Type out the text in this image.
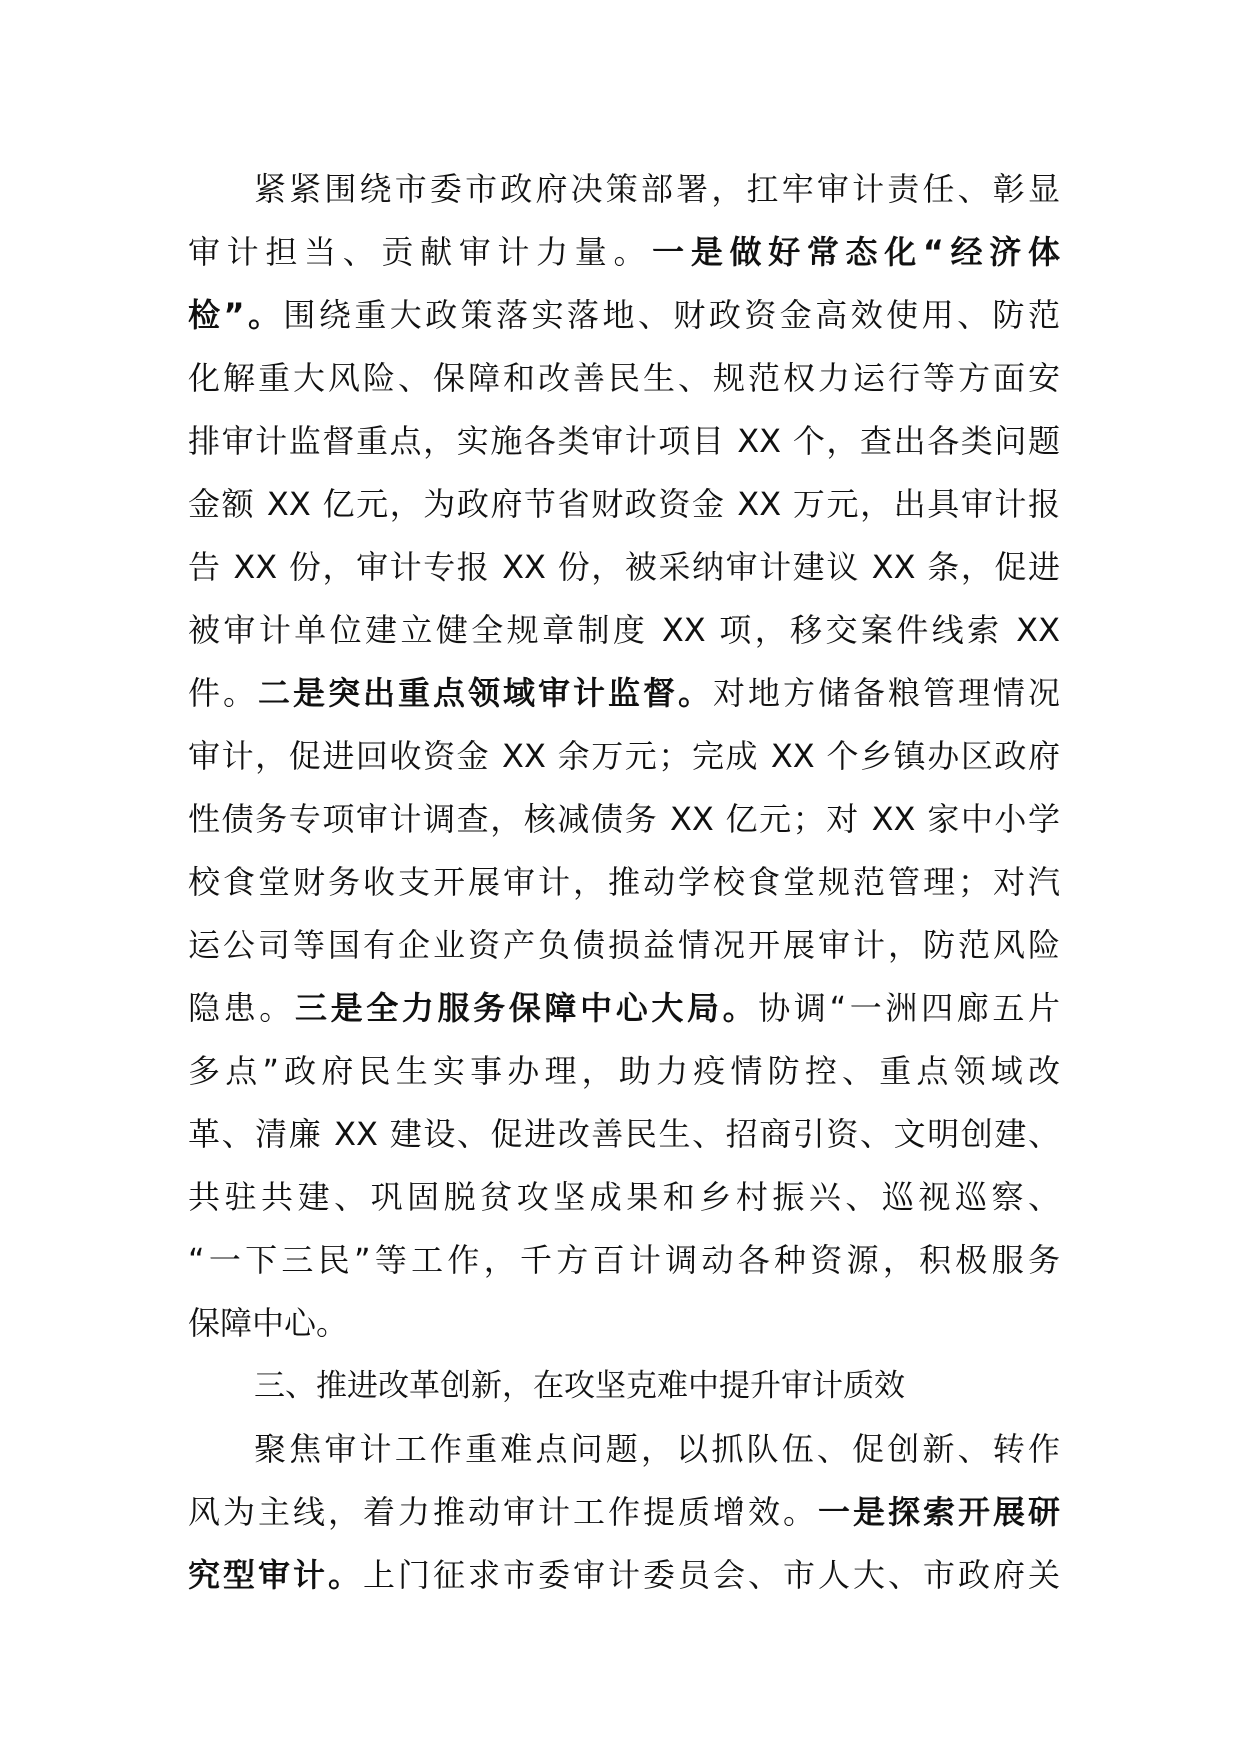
紧紧围绕市委市政府决策部署，扛牢审计责任、彰显
审计担当、贡献审计力量。一是做好常态化“经济体
检”。围绕重大政策落实落地、财政资金高效使用、防范
化解重大风险、保障和改善民生、规范权力运行等方面安
排审计监督重点，实施各类审计项目 XX 个，查出各类问题
金额 XX 亿元，为政府节省财政资金 XX 万元，出具审计报
告 XX 份，审计专报 XX 份，被采纳审计建议 XX 条，促进
被审计单位建立健全规章制度 XX 项，移交案件线索 XX
件。二是突出重点领域审计监督。对地方储备粮管理情况
审计，促进回收资金 XX 余万元；完成 XX 个乡镇办区政府
性债务专项审计调查，核减债务 XX 亿元；对 XX 家中小学
校食堂财务收支开展审计，推动学校食堂规范管理；对汽
运公司等国有企业资产负债损益情况开展审计，防范风险
隐患。三是全力服务保障中心大局。协调“一洲四廊五片
多点”政府民生实事办理，助力疫情防控、重点领域改
革、清廉 XX 建设、促进改善民生、招商引资、文明创建、
共驻共建、巩固脱贫攻坚成果和乡村振兴、巡视巡察、
“一下三民”等工作，千方百计调动各种资源，积极服务
保障中心。
三、推进改革创新，在攻坚克难中提升审计质效
聚焦审计工作重难点问题，以抓队伍、促创新、转作
风为主线，着力推动审计工作提质增效。一是探索开展研
究型审计。上门征求市委审计委员会、市人大、市政府关
